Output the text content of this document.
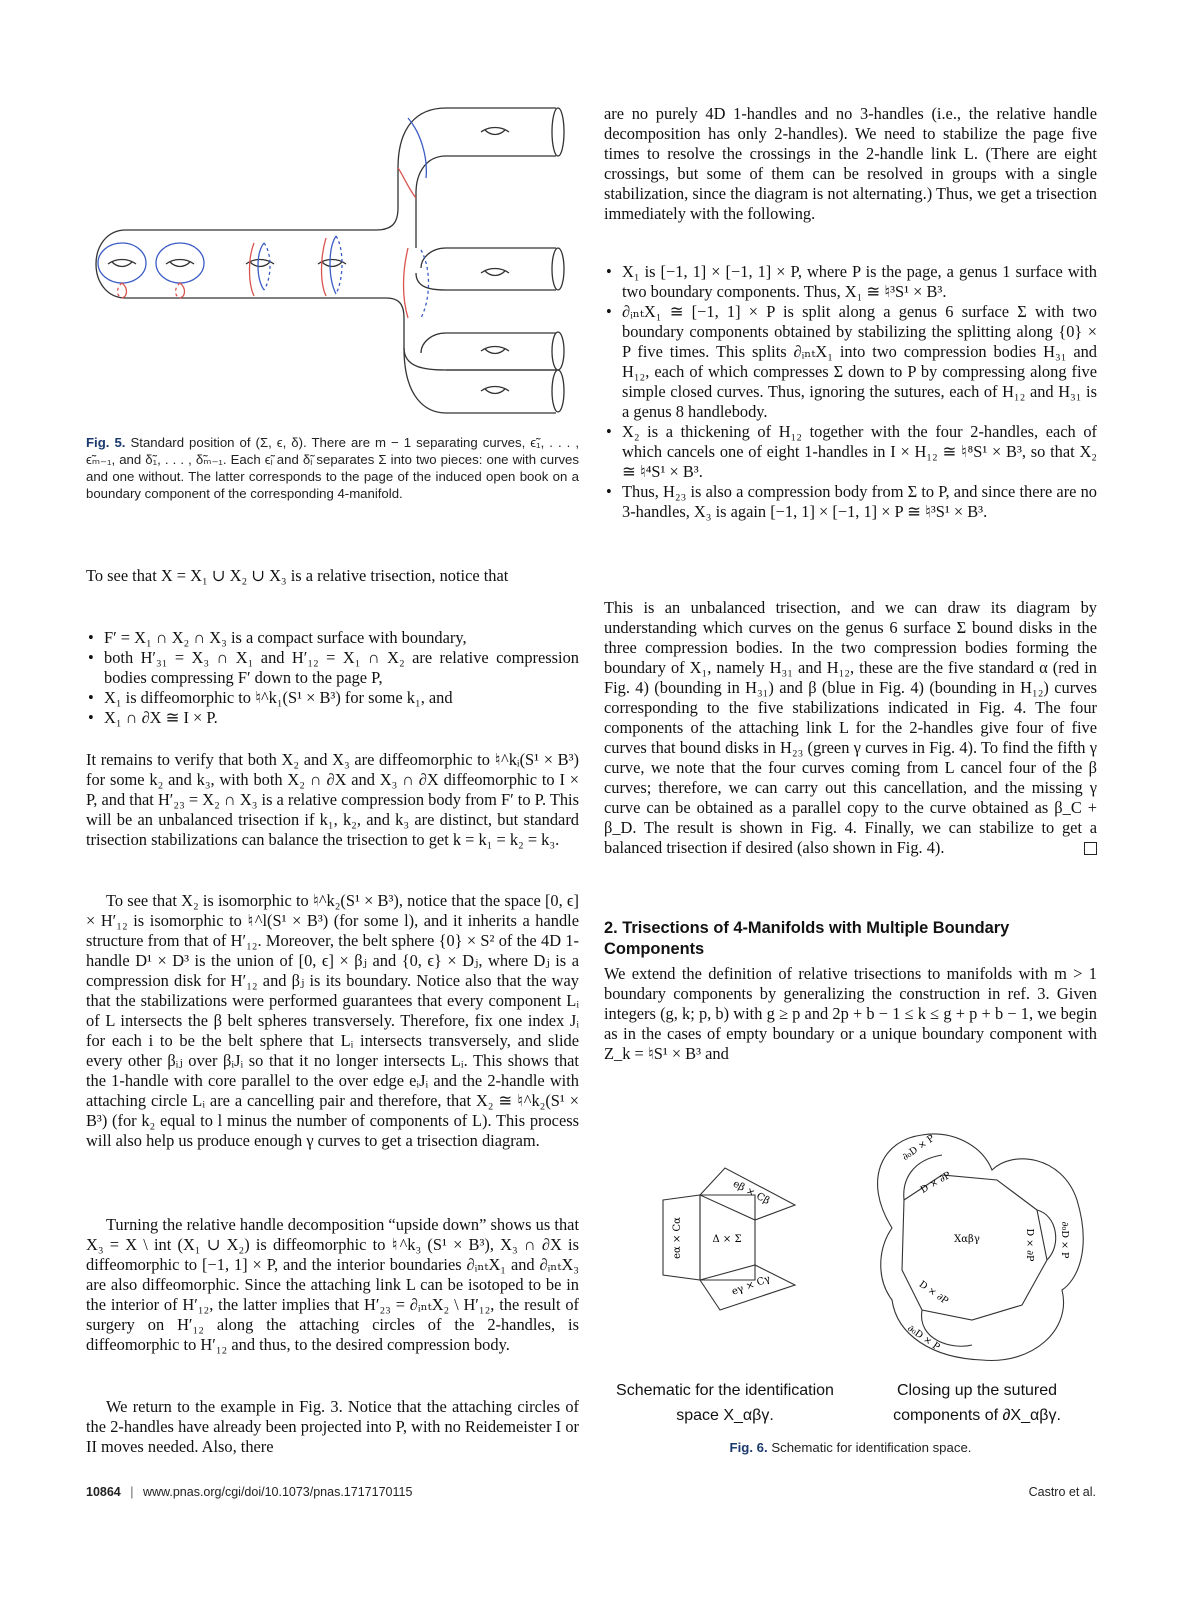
Fig. 5. Standard position of (Σ, ϵ, δ). There are m − 1 separating curves, ϵ̃₁, . . . , ϵ̃ₘ₋₁, and δ̃₁, . . . , δ̃ₘ₋₁. Each ϵ̃ᵢ and δ̃ᵢ separates Σ into two pieces: one with curves and one without. The latter corresponds to the page of the induced open book on a boundary component of the corresponding 4-manifold.

To see that X = X₁ ∪ X₂ ∪ X₃ is a relative trisection, notice that

• F′ = X₁ ∩ X₂ ∩ X₃ is a compact surface with boundary,
• both H′₃₁ = X₃ ∩ X₁ and H′₁₂ = X₁ ∩ X₂ are relative compression bodies compressing F′ down to the page P,
• X₁ is diffeomorphic to ♮^k₁(S¹ × B³) for some k₁, and
• X₁ ∩ ∂X ≅ I × P.

It remains to verify that both X₂ and X₃ are diffeomorphic to ♮^kᵢ(S¹ × B³) for some k₂ and k₃, with both X₂ ∩ ∂X and X₃ ∩ ∂X diffeomorphic to I × P, and that H′₂₃ = X₂ ∩ X₃ is a relative compression body from F′ to P. This will be an unbalanced trisection if k₁, k₂, and k₃ are distinct, but standard trisection stabilizations can balance the trisection to get k = k₁ = k₂ = k₃.

To see that X₂ is isomorphic to ♮^k₂(S¹ × B³), notice that the space [0, ϵ] × H′₁₂ is isomorphic to ♮^l(S¹ × B³) (for some l), and it inherits a handle structure from that of H′₁₂. Moreover, the belt sphere {0} × S² of the 4D 1-handle D¹ × D³ is the union of [0, ϵ] × βⱼ and {0, ϵ} × Dⱼ, where Dⱼ is a compression disk for H′₁₂ and βⱼ is its boundary. Notice also that the way that the stabilizations were performed guarantees that every component Lᵢ of L intersects the β belt spheres transversely. Therefore, fix one index Jᵢ for each i to be the belt sphere that Lᵢ intersects transversely, and slide every other βᵢⱼ over βᵢJᵢ so that it no longer intersects Lᵢ. This shows that the 1-handle with core parallel to the over edge eᵢJᵢ and the 2-handle with attaching circle Lᵢ are a cancelling pair and therefore, that X₂ ≅ ♮^k₂(S¹ × B³) (for k₂ equal to l minus the number of components of L). This process will also help us produce enough γ curves to get a trisection diagram.

Turning the relative handle decomposition “upside down” shows us that X₃ = X \ int (X₁ ∪ X₂) is diffeomorphic to ♮^k₃ (S¹ × B³), X₃ ∩ ∂X is diffeomorphic to [−1, 1] × P, and the interior boundaries ∂ᵢₙₜX₁ and ∂ᵢₙₜX₃ are also diffeomorphic. Since the attaching link L can be isotoped to be in the interior of H′₁₂, the latter implies that H′₂₃ = ∂ᵢₙₜX₂ \ H′₁₂, the result of surgery on H′₁₂ along the attaching circles of the 2-handles, is diffeomorphic to H′₁₂ and thus, to the desired compression body.

We return to the example in Fig. 3. Notice that the attaching circles of the 2-handles have already been projected into P, with no Reidemeister I or II moves needed. Also, there

are no purely 4D 1-handles and no 3-handles (i.e., the relative handle decomposition has only 2-handles). We need to stabilize the page five times to resolve the crossings in the 2-handle link L. (There are eight crossings, but some of them can be resolved in groups with a single stabilization, since the diagram is not alternating.) Thus, we get a trisection immediately with the following.

• X₁ is [−1, 1] × [−1, 1] × P, where P is the page, a genus 1 surface with two boundary components. Thus, X₁ ≅ ♮³S¹ × B³.
• ∂ᵢₙₜX₁ ≅ [−1, 1] × P is split along a genus 6 surface Σ with two boundary components obtained by stabilizing the splitting along {0} × P five times. This splits ∂ᵢₙₜX₁ into two compression bodies H₃₁ and H₁₂, each of which compresses Σ down to P by compressing along five simple closed curves. Thus, ignoring the sutures, each of H₁₂ and H₃₁ is a genus 8 handlebody.
• X₂ is a thickening of H₁₂ together with the four 2-handles, each of which cancels one of eight 1-handles in I × H₁₂ ≅ ♮⁸S¹ × B³, so that X₂ ≅ ♮⁴S¹ × B³.
• Thus, H₂₃ is also a compression body from Σ to P, and since there are no 3-handles, X₃ is again [−1, 1] × [−1, 1] × P ≅ ♮³S¹ × B³.

This is an unbalanced trisection, and we can draw its diagram by understanding which curves on the genus 6 surface Σ bound disks in the three compression bodies. In the two compression bodies forming the boundary of X₁, namely H₃₁ and H₁₂, these are the five standard α (red in Fig. 4) (bounding in H₃₁) and β (blue in Fig. 4) (bounding in H₁₂) curves corresponding to the five stabilizations indicated in Fig. 4. The four components of the attaching link L for the 2-handles give four of five curves that bound disks in H₂₃ (green γ curves in Fig. 4). To find the fifth γ curve, we note that the four curves coming from L cancel four of the β curves; therefore, we can carry out this cancellation, and the missing γ curve can be obtained as a parallel copy to the curve obtained as β_C + β_D. The result is shown in Fig. 4. Finally, we can stabilize to get a balanced trisection if desired (also shown in Fig. 4).

2. Trisections of 4-Manifolds with Multiple Boundary Components

We extend the definition of relative trisections to manifolds with m > 1 boundary components by generalizing the construction in ref. 3. Given integers (g, k; p, b) with g ≥ p and 2p + b − 1 ≤ k ≤ g + p + b − 1, we begin as in the cases of empty boundary or a unique boundary component with Z_k = ♮S¹ × B³ and

eα × Cα
eβ × Cβ
Δ × Σ
eγ × Cγ
Xαβγ
D × ∂P
D × ∂P
D × ∂P
∂₀D × P
∂₀D × P
∂₀D × P
Schematic for the identification
space X_αβγ.
Closing up the sutured
components of ∂X_αβγ.
Fig. 6. Schematic for identification space.
10864 | www.pnas.org/cgi/doi/10.1073/pnas.1717170115	Castro et al.
